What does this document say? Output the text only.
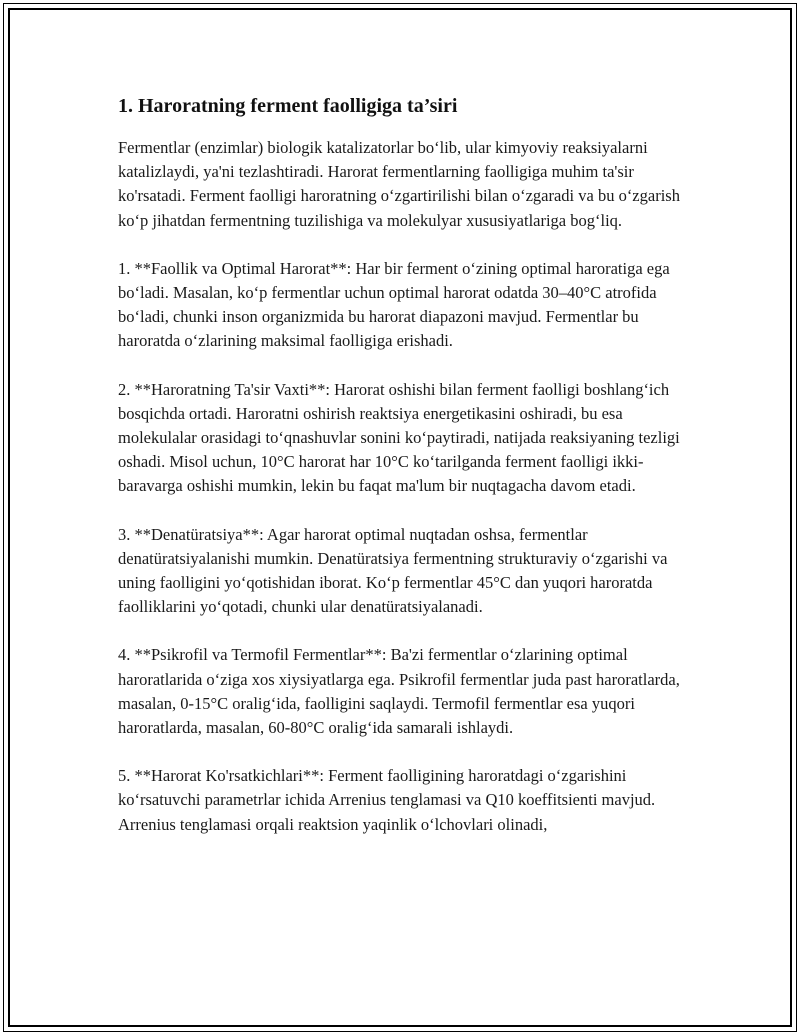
1. Haroratning ferment faolligiga ta’siri

Fermentlar (enzimlar) biologik katalizatorlar bo‘lib, ular kimyoviy reaksiyalarni katalizlaydi, ya'ni tezlashtiradi. Harorat fermentlarning faolligiga muhim ta'sir ko'rsatadi. Ferment faolligi haroratning o‘zgartirilishi bilan o‘zgaradi va bu o‘zgarish ko‘p jihatdan fermentning tuzilishiga va molekulyar xususiyatlariga bog‘liq.

1. **Faollik va Optimal Harorat**: Har bir ferment o‘zining optimal haroratiga ega bo‘ladi. Masalan, ko‘p fermentlar uchun optimal harorat odatda 30–40°C atrofida bo‘ladi, chunki inson organizmida bu harorat diapazoni mavjud. Fermentlar bu haroratda o‘zlarining maksimal faolligiga erishadi.

2. **Haroratning Ta'sir Vaxti**: Harorat oshishi bilan ferment faolligi boshlang‘ich bosqichda ortadi. Haroratni oshirish reaktsiya energetikasini oshiradi, bu esa molekulalar orasidagi to‘qnashuvlar sonini ko‘paytiradi, natijada reaksiyaning tezligi oshadi. Misol uchun, 10°C harorat har 10°C ko‘tarilganda ferment faolligi ikki-baravarga oshishi mumkin, lekin bu faqat ma'lum bir nuqtagacha davom etadi.

3. **Denatüratsiya**: Agar harorat optimal nuqtadan oshsa, fermentlar denatüratsiyalanishi mumkin. Denatüratsiya fermentning strukturaviy o‘zgarishi va uning faolligini yo‘qotishidan iborat. Ko‘p fermentlar 45°C dan yuqori haroratda faolliklarini yo‘qotadi, chunki ular denatüratsiyalanadi.

4. **Psikrofil va Termofil Fermentlar**: Ba'zi fermentlar o‘zlarining optimal haroratlarida o‘ziga xos xiysiyatlarga ega. Psikrofil fermentlar juda past haroratlarda, masalan, 0-15°C oralig‘ida, faolligini saqlaydi. Termofil fermentlar esa yuqori haroratlarda, masalan, 60-80°C oralig‘ida samarali ishlaydi.

5. **Harorat Ko'rsatkichlari**: Ferment faolligining haroratdagi o‘zgarishini ko‘rsatuvchi parametrlar ichida Arrenius tenglamasi va Q10 koeffitsienti mavjud. Arrenius tenglamasi orqali reaktsion yaqinlik o‘lchovlari olinadi,
